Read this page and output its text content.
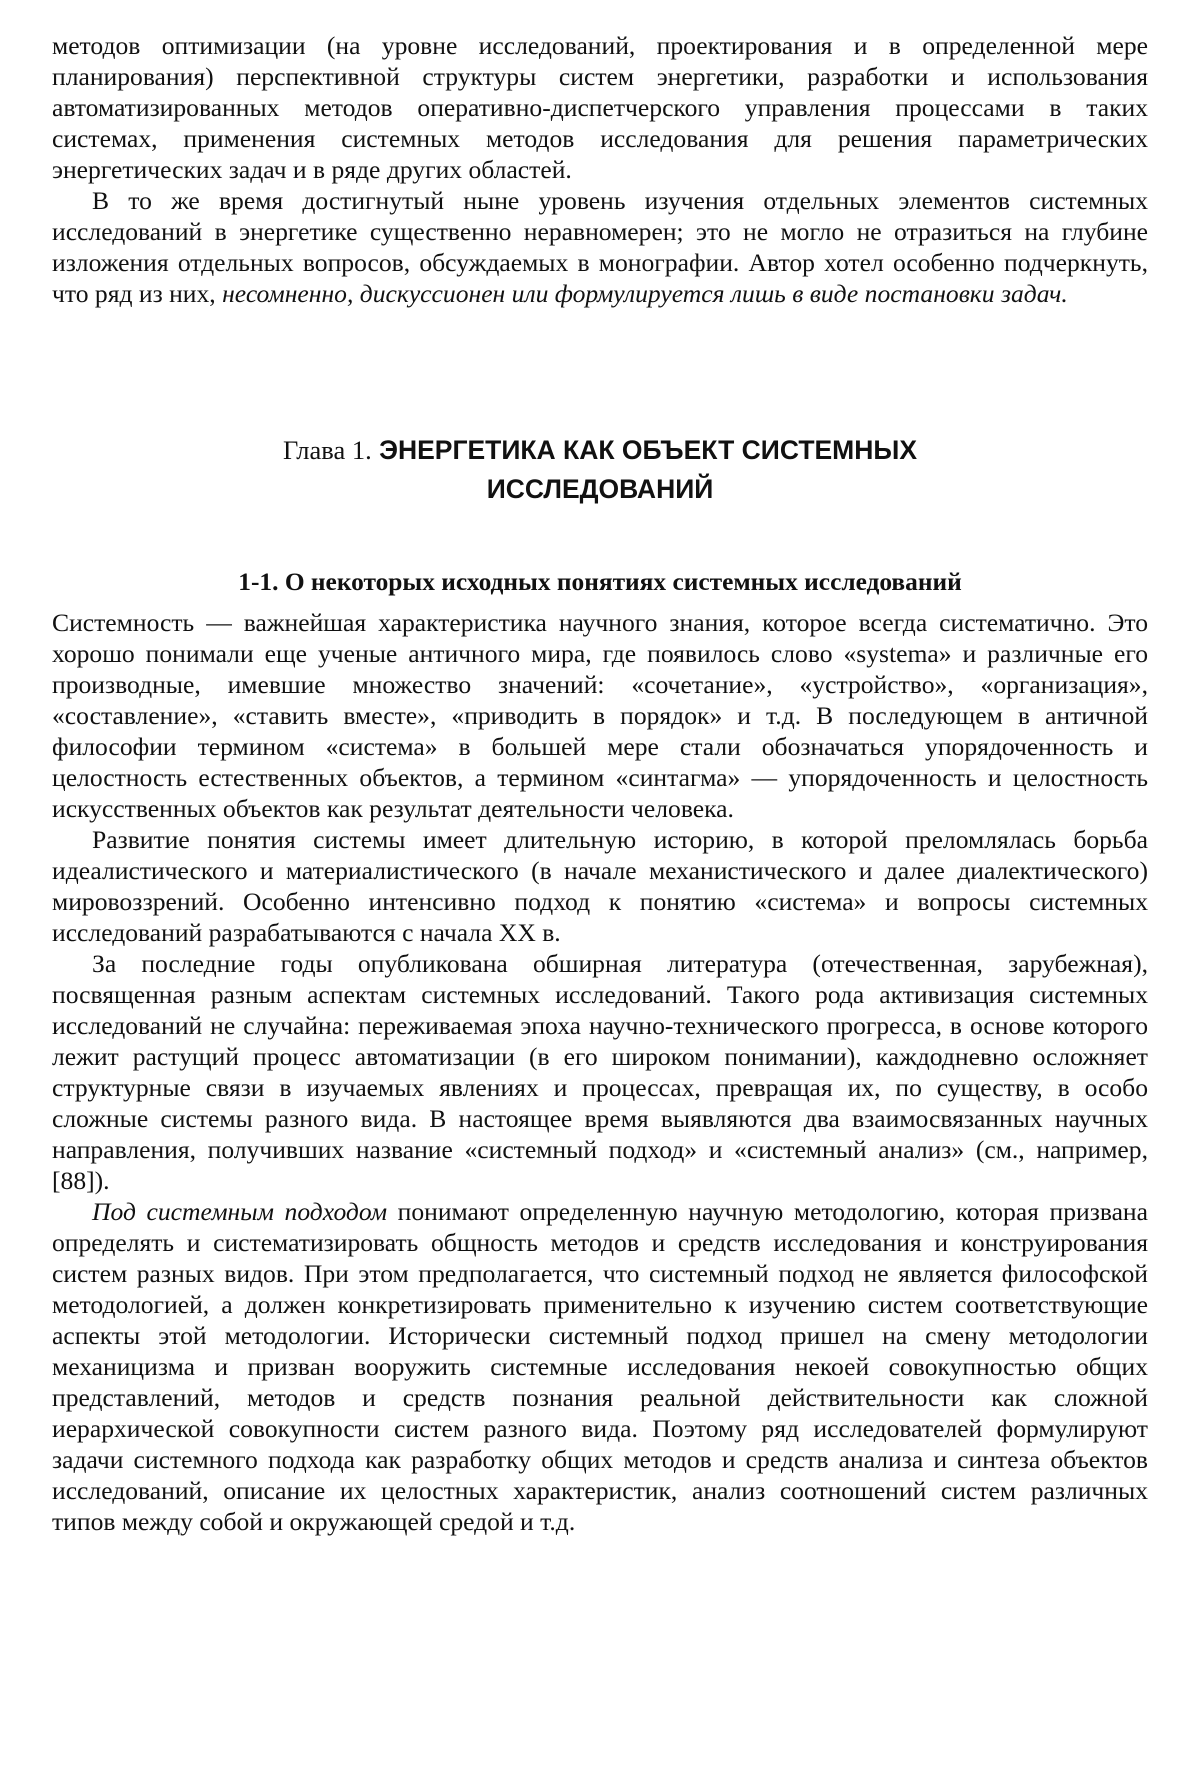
методов оптимизации (на уровне исследований, проектирования и в определенной мере планирования) перспективной структуры систем энергетики, разработки и использования автоматизированных методов оперативно-диспетчерского управления процессами в таких системах, применения системных методов исследования для решения параметрических энергетических задач и в ряде других областей.

В то же время достигнутый ныне уровень изучения отдельных элементов системных исследований в энергетике существенно неравномерен; это не могло не отразиться на глубине изложения отдельных вопросов, обсуждаемых в монографии. Автор хотел особенно подчеркнуть, что ряд из них, несомненно, дискуссионен или формулируется лишь в виде постановки задач.

Глава 1. ЭНЕРГЕТИКА КАК ОБЪЕКТ СИСТЕМНЫХ ИССЛЕДОВАНИЙ
1-1. О некоторых исходных понятиях системных исследований

Системность — важнейшая характеристика научного знания, которое всегда систематично. Это хорошо понимали еще ученые античного мира, где появилось слово «systema» и различные его производные, имевшие множество значений: «сочетание», «устройство», «организация», «составление», «ставить вместе», «приводить в порядок» и т.д. В последующем в античной философии термином «система» в большей мере стали обозначаться упорядоченность и целостность естественных объектов, а термином «синтагма» — упорядоченность и целостность искусственных объектов как результат деятельности человека.

Развитие понятия системы имеет длительную историю, в которой преломлялась борьба идеалистического и материалистического (в начале механистического и далее диалектического) мировоззрений. Особенно интенсивно подход к понятию «система» и вопросы системных исследований разрабатываются с начала XX в.

За последние годы опубликована обширная литература (отечественная, зарубежная), посвященная разным аспектам системных исследований. Такого рода активизация системных исследований не случайна: переживаемая эпоха научно-технического прогресса, в основе которого лежит растущий процесс автоматизации (в его широком понимании), каждодневно осложняет структурные связи в изучаемых явлениях и процессах, превращая их, по существу, в особо сложные системы разного вида. В настоящее время выявляются два взаимосвязанных научных направления, получивших название «системный подход» и «системный анализ» (см., например, [88]).

Под системным подходом понимают определенную научную методологию, которая призвана определять и систематизировать общность методов и средств исследования и конструирования систем разных видов. При этом предполагается, что системный подход не является философской методологией, а должен конкретизировать применительно к изучению систем соответствующие аспекты этой методологии. Исторически системный подход пришел на смену методологии механицизма и призван вооружить системные исследования некоей совокупностью общих представлений, методов и средств познания реальной действительности как сложной иерархической совокупности систем разного вида. Поэтому ряд исследователей формулируют задачи системного подхода как разработку общих методов и средств анализа и синтеза объектов исследований, описание их целостных характеристик, анализ соотношений систем различных типов между собой и окружающей средой и т.д.
